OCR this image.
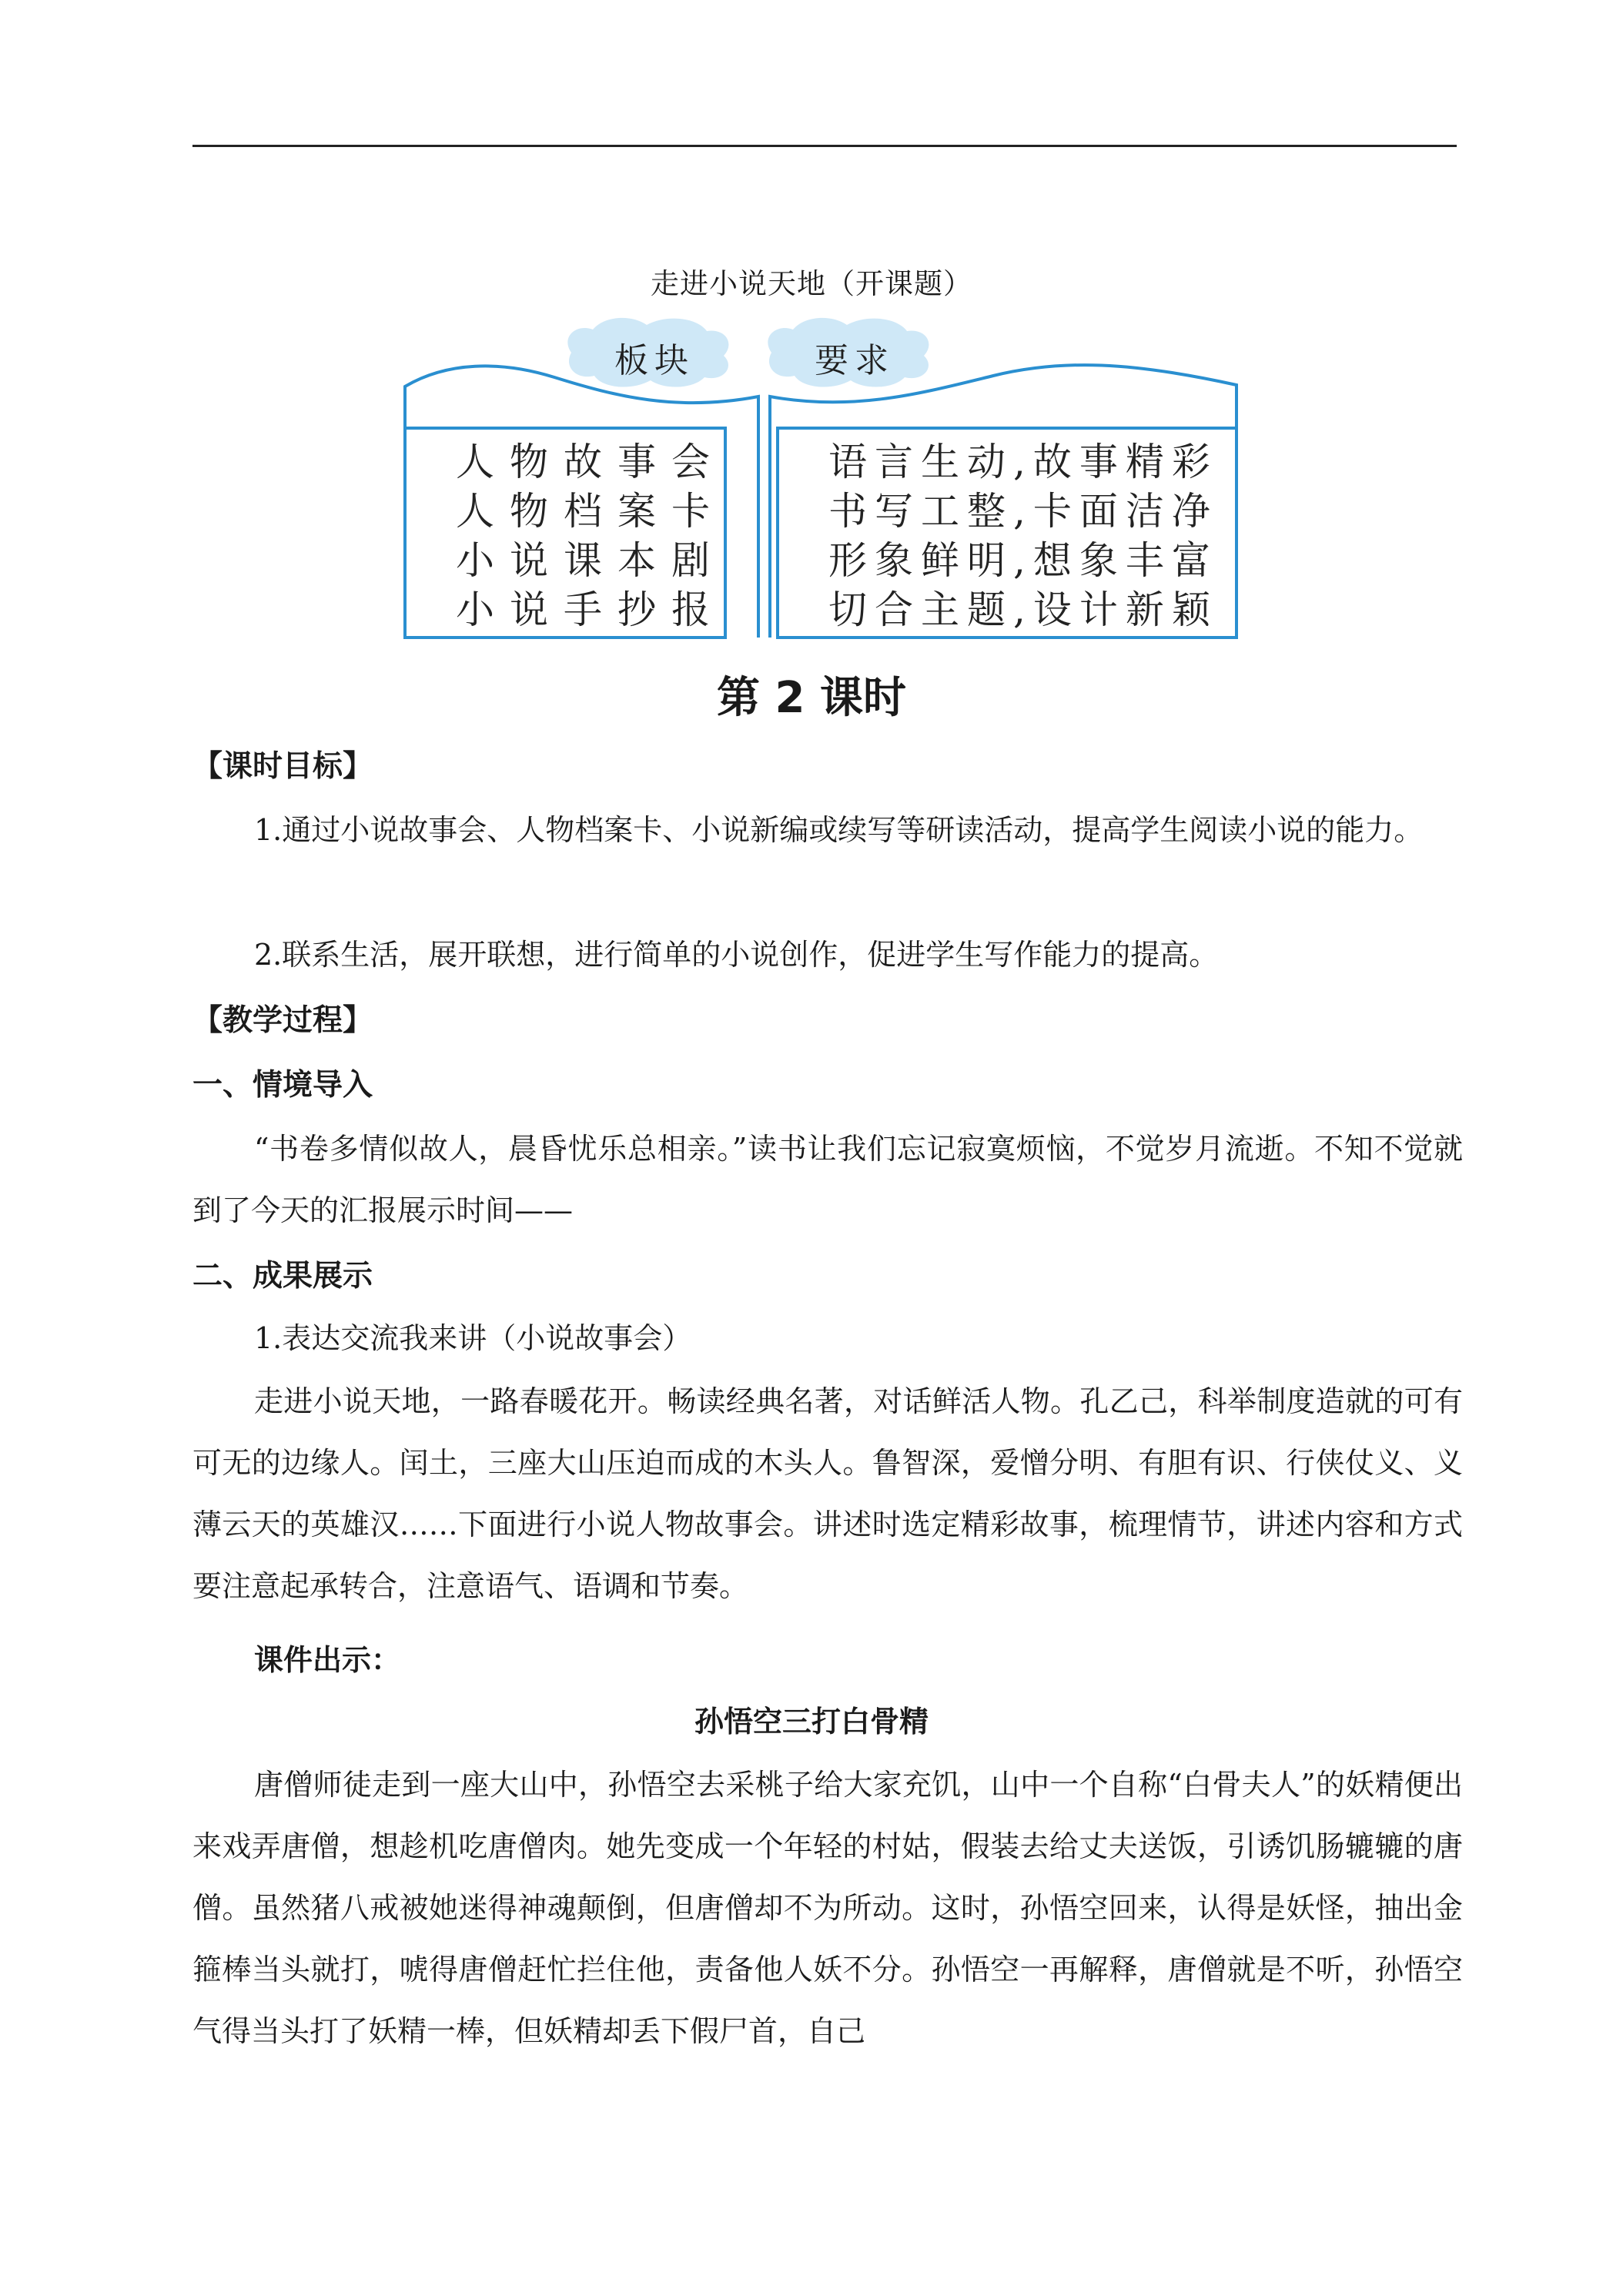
走进小说天地（开课题）
板块	要求
人物故事会
人物档案卡
小说课本剧
小说手抄报
语言生动,故事精彩
书写工整,卡面洁净
形象鲜明,想象丰富
切合主题,设计新颖
第 2 课时
【课时目标】
1.通过小说故事会、人物档案卡、小说新编或续写等研读活动，提高学生阅读小说的能力。
2.联系生活，展开联想，进行简单的小说创作，促进学生写作能力的提高。
【教学过程】
一、情境导入
“书卷多情似故人，晨昏忧乐总相亲。”读书让我们忘记寂寞烦恼，不觉岁月流逝。不知不觉就到了今天的汇报展示时间——
二、成果展示
1.表达交流我来讲（小说故事会）
走进小说天地，一路春暖花开。畅读经典名著，对话鲜活人物。孔乙己，科举制度造就的可有可无的边缘人。闰土，三座大山压迫而成的木头人。鲁智深，爱憎分明、有胆有识、行侠仗义、义薄云天的英雄汉……下面进行小说人物故事会。讲述时选定精彩故事，梳理情节，讲述内容和方式要注意起承转合，注意语气、语调和节奏。
课件出示：
孙悟空三打白骨精
唐僧师徒走到一座大山中，孙悟空去采桃子给大家充饥，山中一个自称“白骨夫人”的妖精便出来戏弄唐僧，想趁机吃唐僧肉。她先变成一个年轻的村姑，假装去给丈夫送饭，引诱饥肠辘辘的唐僧。虽然猪八戒被她迷得神魂颠倒，但唐僧却不为所动。这时，孙悟空回来，认得是妖怪，抽出金箍棒当头就打，唬得唐僧赶忙拦住他，责备他人妖不分。孙悟空一再解释，唐僧就是不听，孙悟空气得当头打了妖精一棒，但妖精却丢下假尸首，自己
